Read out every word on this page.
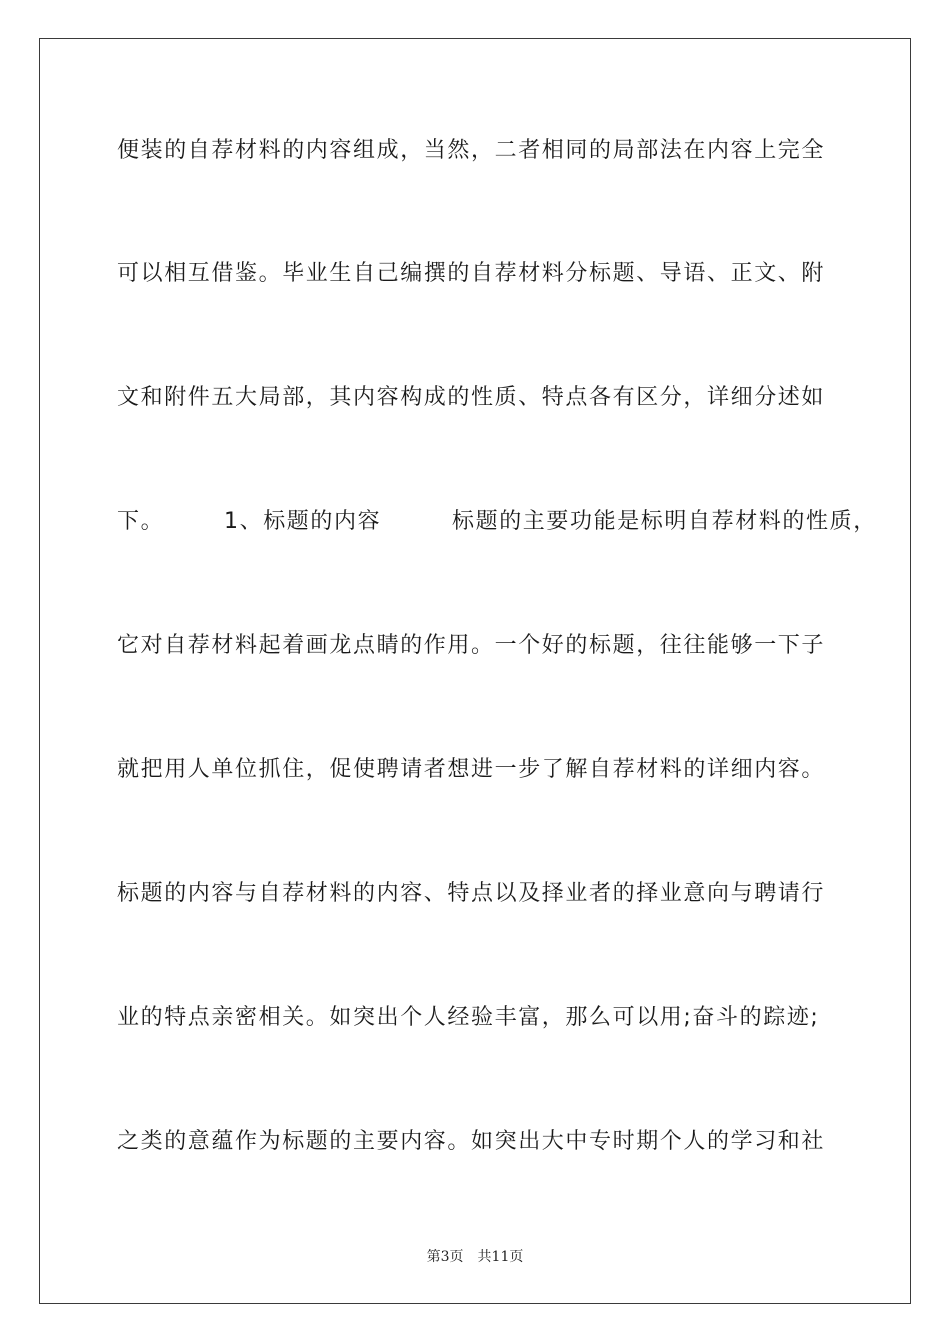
便装的自荐材料的内容组成，当然，二者相同的局部法在内容上完全
可以相互借鉴。毕业生自己编撰的自荐材料分标题、导语、正文、附
文和附件五大局部，其内容构成的性质、特点各有区分，详细分述如
下。　　　1、标题的内容　　　标题的主要功能是标明自荐材料的性质，
它对自荐材料起着画龙点睛的作用。一个好的标题，往往能够一下子
就把用人单位抓住，促使聘请者想进一步了解自荐材料的详细内容。
标题的内容与自荐材料的内容、特点以及择业者的择业意向与聘请行
业的特点亲密相关。如突出个人经验丰富，那么可以用;奋斗的踪迹;
之类的意蕴作为标题的主要内容。如突出大中专时期个人的学习和社
第3页　共11页
